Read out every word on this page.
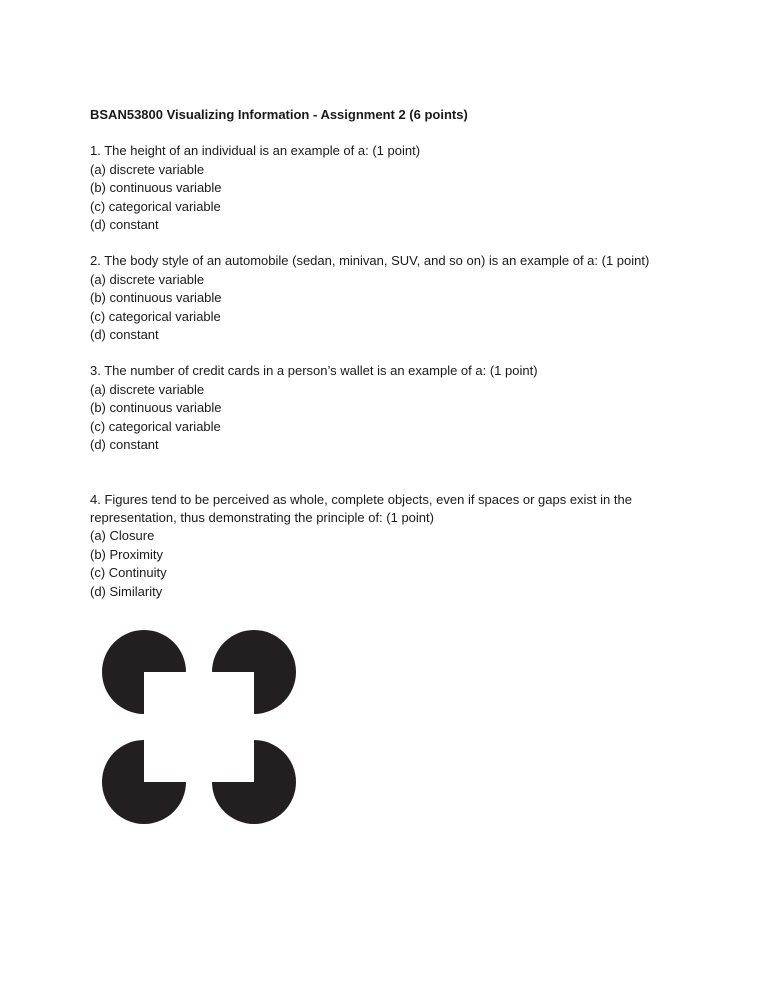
BSAN53800 Visualizing Information - Assignment 2 (6 points)

1. The height of an individual is an example of a: (1 point)

(a) discrete variable
(b) continuous variable
(c) categorical variable
(d) constant

2. The body style of an automobile (sedan, minivan, SUV, and so on) is an example of a: (1 point)

(a) discrete variable
(b) continuous variable
(c) categorical variable
(d) constant

3. The number of credit cards in a person’s wallet is an example of a: (1 point)

(a) discrete variable
(b) continuous variable
(c) categorical variable
(d) constant

4. Figures tend to be perceived as whole, complete objects, even if spaces or gaps exist in the representation, thus demonstrating the principle of: (1 point)

(a) Closure
(b) Proximity
(c) Continuity
(d) Similarity
